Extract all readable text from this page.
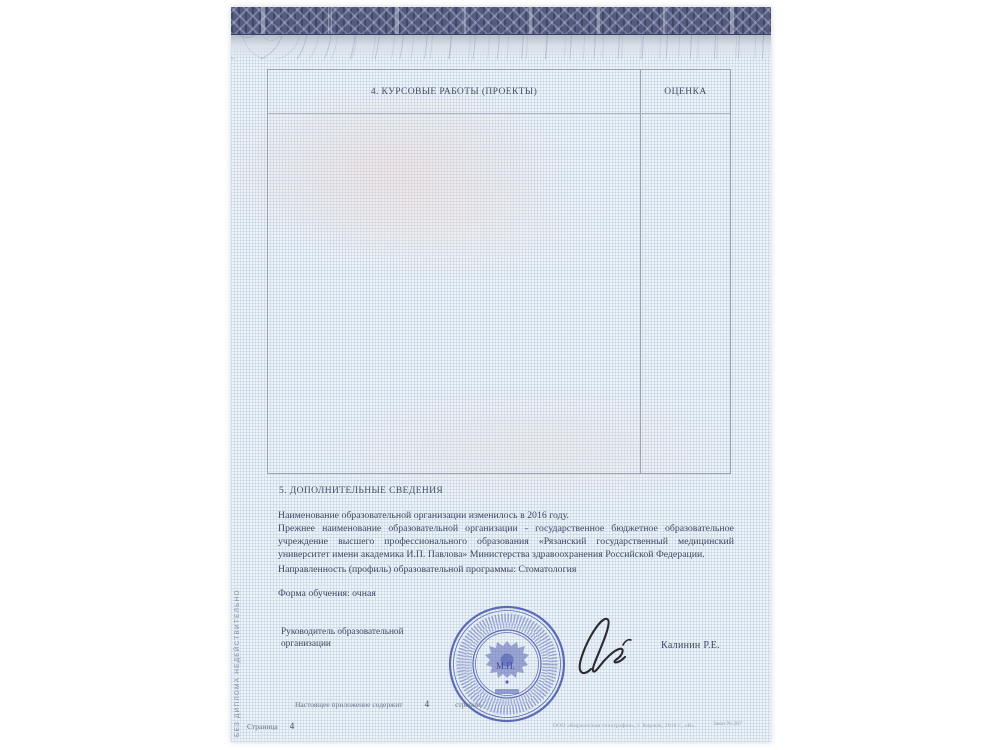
БЕЗ ДИПЛОМА НЕДЕЙСТВИТЕЛЬНО
4. КУРСОВЫЕ РАБОТЫ (ПРОЕКТЫ)	ОЦЕНКА
5. ДОПОЛНИТЕЛЬНЫЕ СВЕДЕНИЯ

Наименование образовательной организации изменилось в 2016 году.

Прежнее наименование образовательной организации - государственное бюджетное образовательное учреждение высшего профессионального образования «Рязанский государственный медицинский университет имени академика И.П. Павлова» Министерства здравоохранения Российской Федерации.

Направленность (профиль) образовательной программы: Стоматология

Форма обучения: очная

Руководитель образовательной организации
М.П.
Калинин Р.Е.
Настоящее приложение содержит 4	страниц
Страница 4	ООО «Киржачская типография», г. Киржач, 2018 г., «В».	Заказ № 207
